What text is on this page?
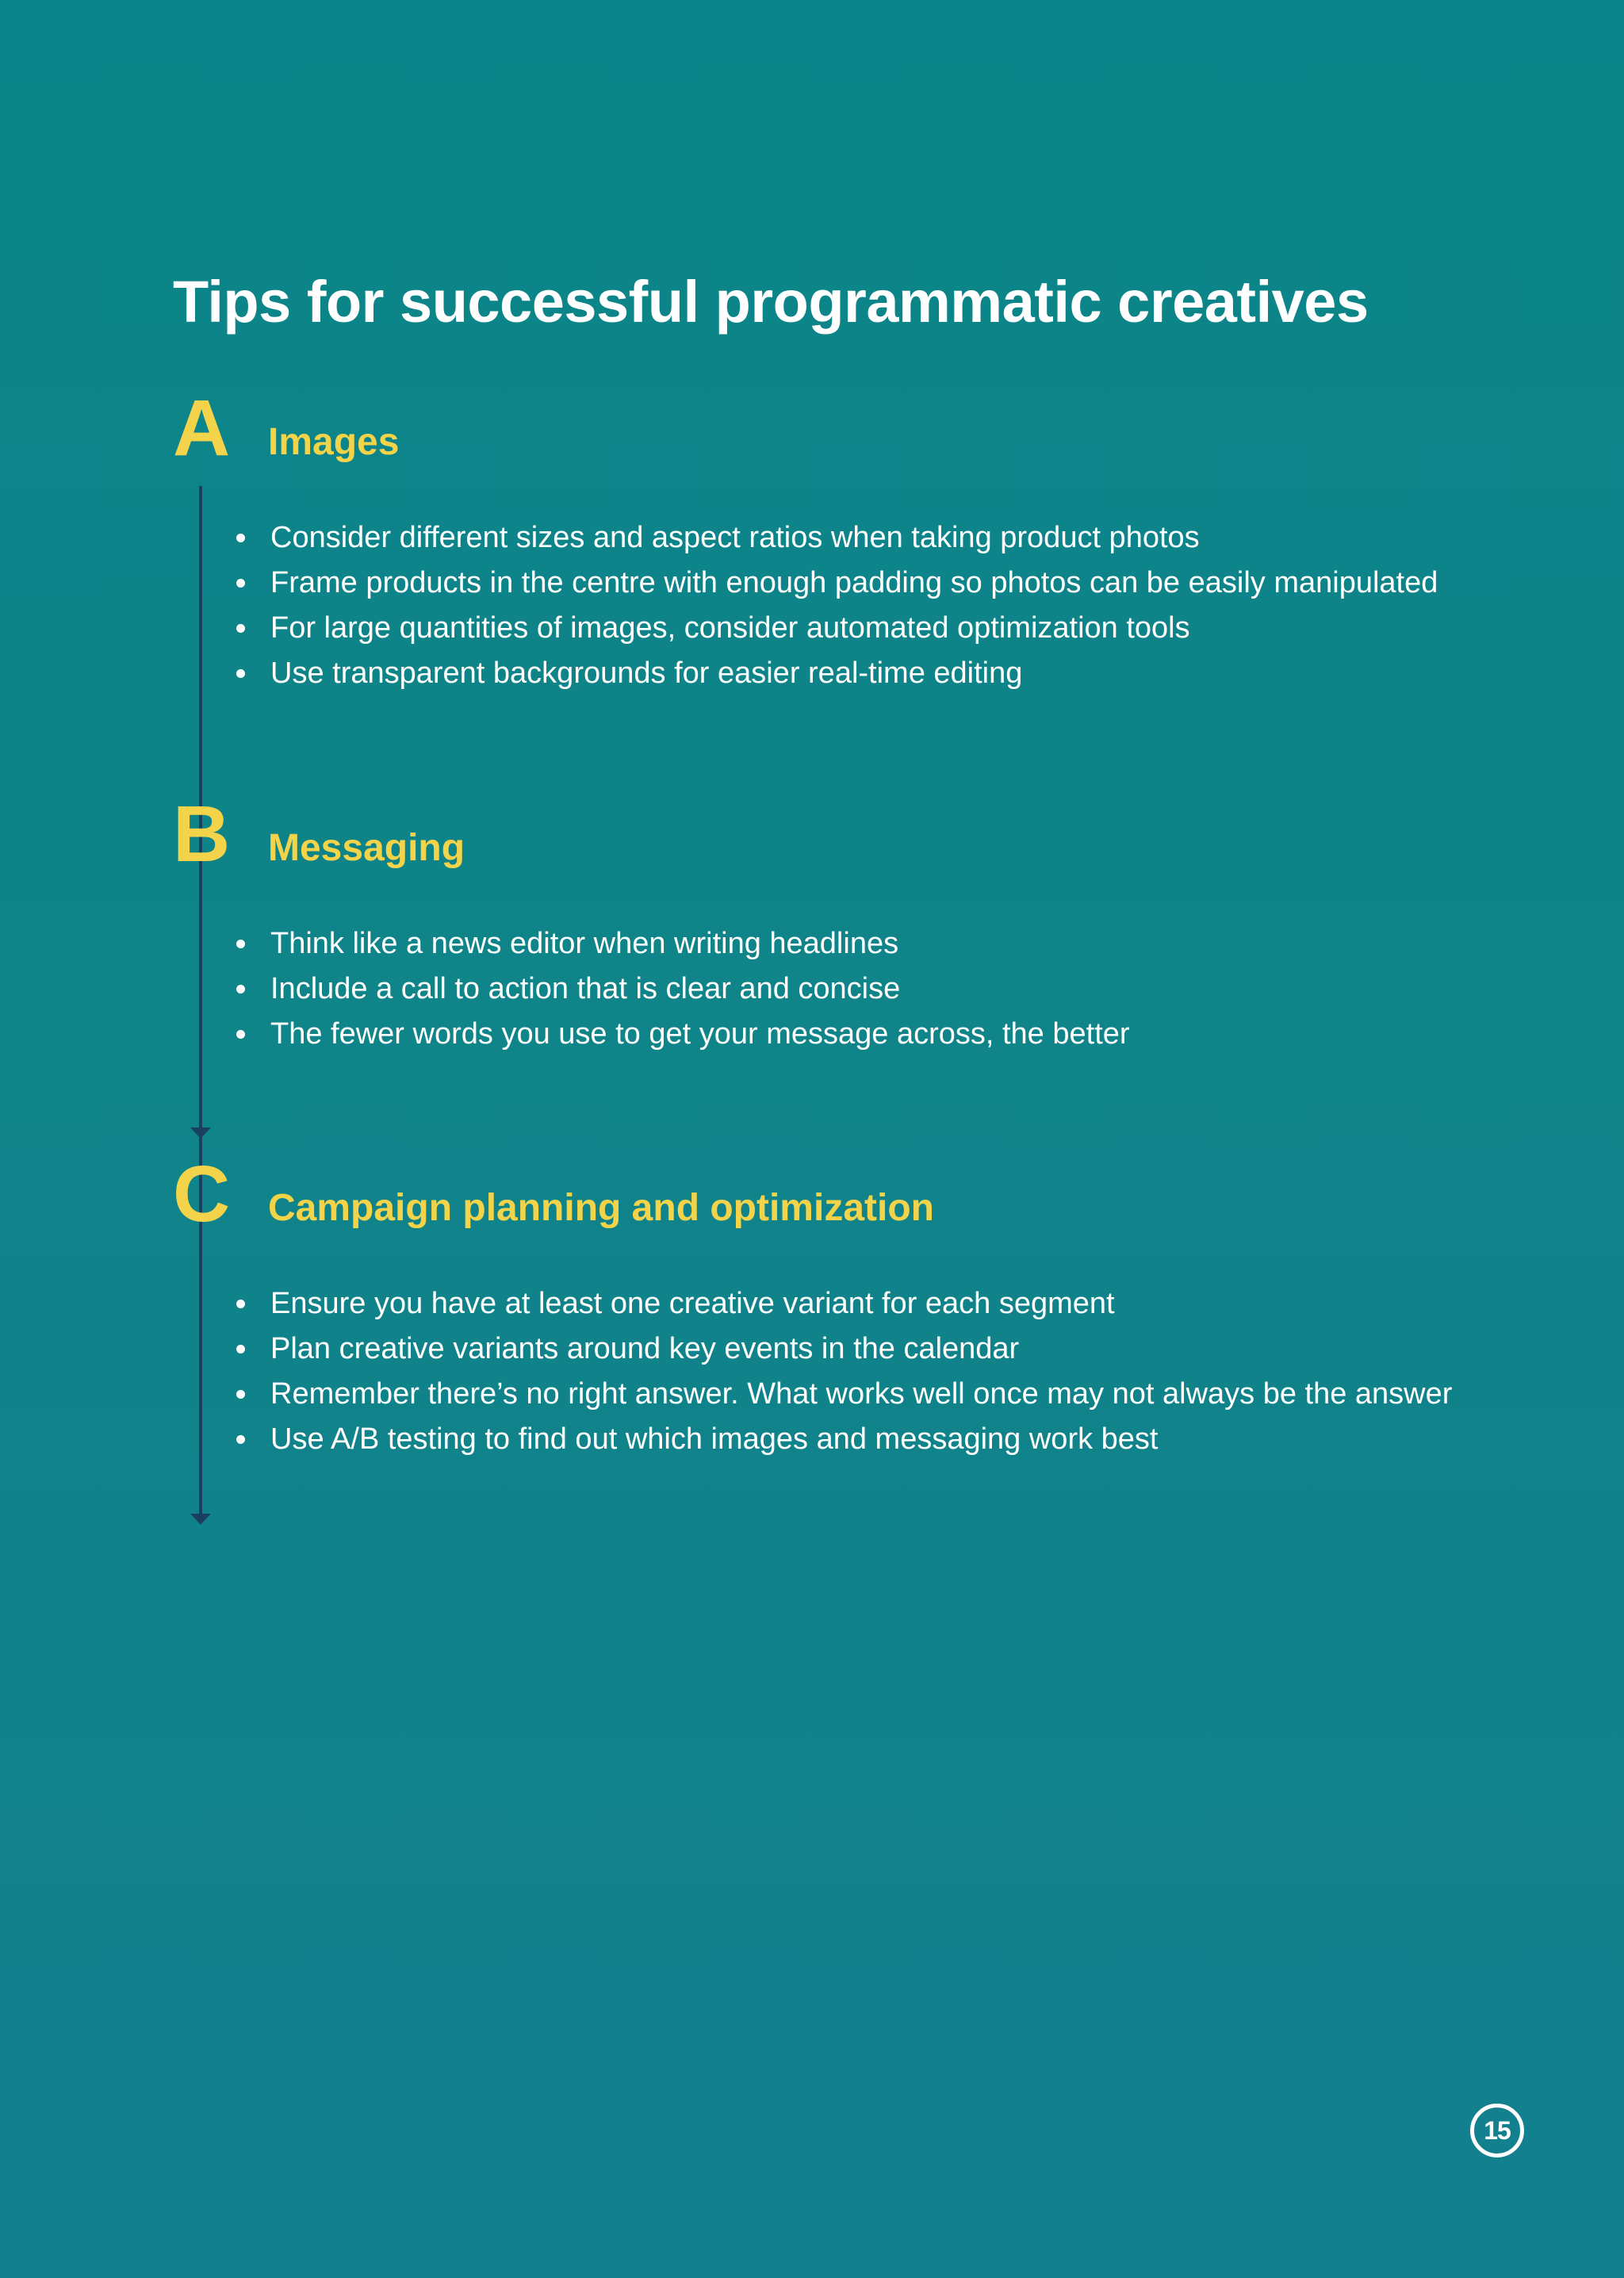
Tips for successful programmatic creatives
A Images
Consider different sizes and aspect ratios when taking product photos
Frame products in the centre with enough padding so photos can be easily manipulated
For large quantities of images, consider automated optimization tools
Use transparent backgrounds for easier real-time editing
B Messaging
Think like a news editor when writing headlines
Include a call to action that is clear and concise
The fewer words you use to get your message across, the better
C Campaign planning and optimization
Ensure you have at least one creative variant for each segment
Plan creative variants around key events in the calendar
Remember there’s no right answer. What works well once may not always be the answer
Use A/B testing to find out which images and messaging work best
15
